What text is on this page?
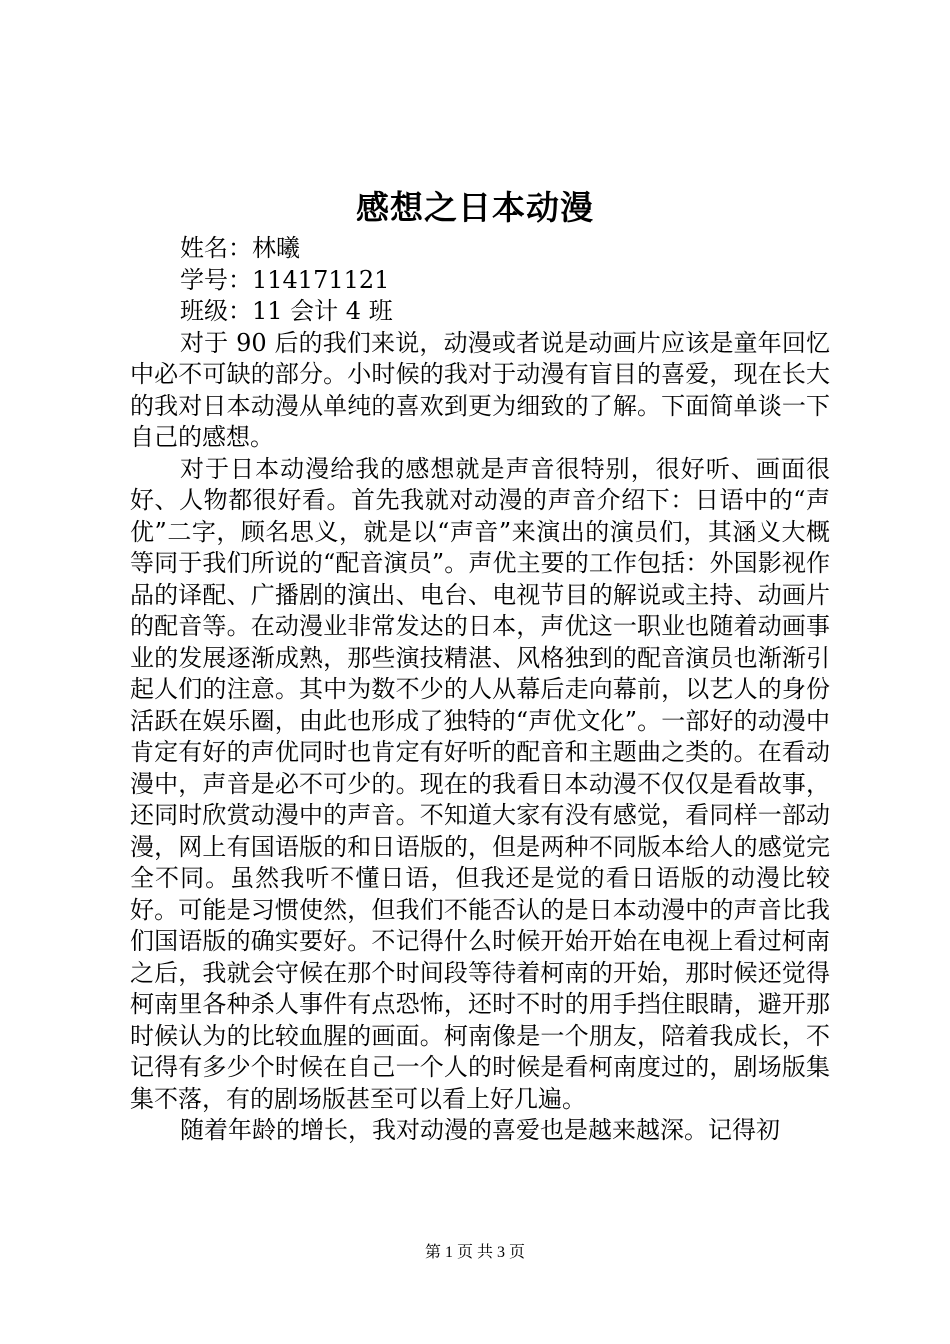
感想之日本动漫

姓名：林曦

学号：114171121

班级：11 会计 4 班

对于 90 后的我们来说，动漫或者说是动画片应该是童年回忆中必不可缺的部分。小时候的我对于动漫有盲目的喜爱，现在长大的我对日本动漫从单纯的喜欢到更为细致的了解。下面简单谈一下自己的感想。

对于日本动漫给我的感想就是声音很特别，很好听、画面很好、人物都很好看。首先我就对动漫的声音介绍下：日语中的“声优”二字，顾名思义，就是以“声音”来演出的演员们，其涵义大概等同于我们所说的“配音演员”。声优主要的工作包括：外国影视作品的译配、广播剧的演出、电台、电视节目的解说或主持、动画片的配音等。在动漫业非常发达的日本，声优这一职业也随着动画事业的发展逐渐成熟，那些演技精湛、风格独到的配音演员也渐渐引起人们的注意。其中为数不少的人从幕后走向幕前，以艺人的身份活跃在娱乐圈，由此也形成了独特的“声优文化”。一部好的动漫中肯定有好的声优同时也肯定有好听的配音和主题曲之类的。在看动漫中，声音是必不可少的。现在的我看日本动漫不仅仅是看故事，还同时欣赏动漫中的声音。不知道大家有没有感觉，看同样一部动漫，网上有国语版的和日语版的，但是两种不同版本给人的感觉完全不同。虽然我听不懂日语，但我还是觉的看日语版的动漫比较好。可能是习惯使然，但我们不能否认的是日本动漫中的声音比我们国语版的确实要好。不记得什么时候开始开始在电视上看过柯南之后，我就会守候在那个时间段等待着柯南的开始，那时候还觉得柯南里各种杀人事件有点恐怖，还时不时的用手挡住眼睛，避开那时候认为的比较血腥的画面。柯南像是一个朋友，陪着我成长，不记得有多少个时候在自己一个人的时候是看柯南度过的，剧场版集集不落，有的剧场版甚至可以看上好几遍。

随着年龄的增长，我对动漫的喜爱也是越来越深。记得初

第 1 页 共 3 页
